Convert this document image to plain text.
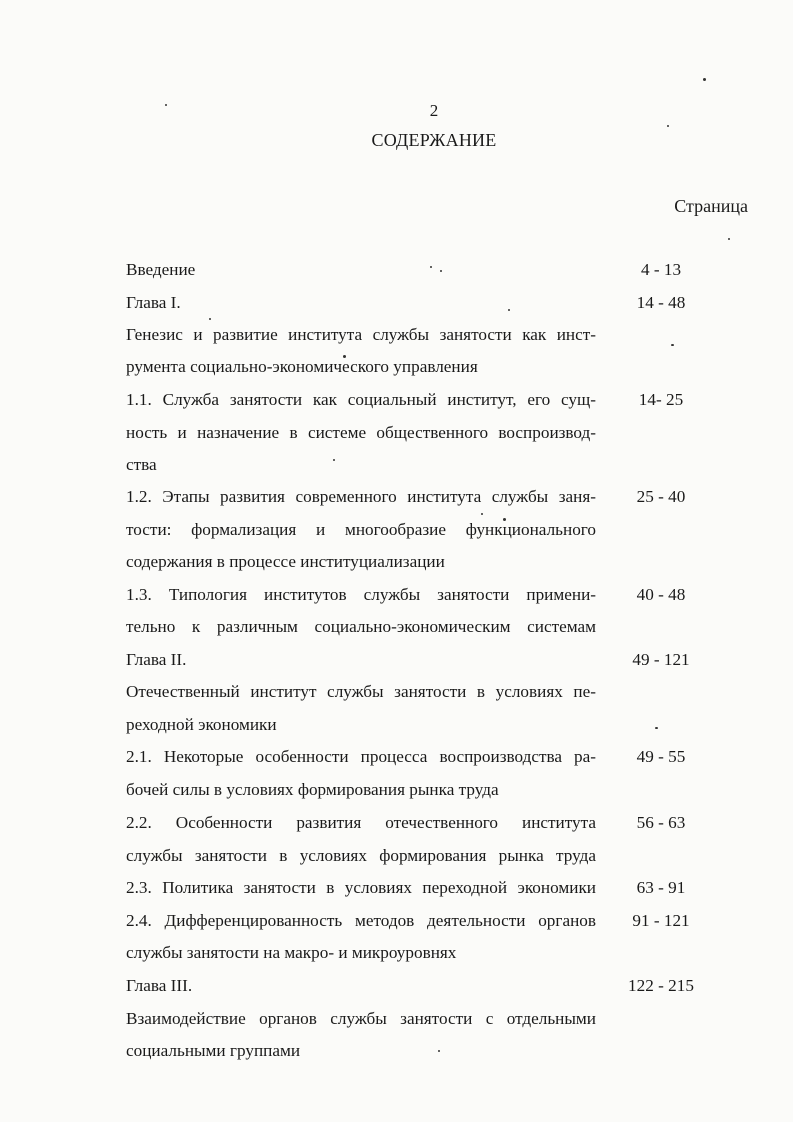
2
СОДЕРЖАНИЕ
Страница
Введение	4 - 13
Глава I.	14 - 48
Генезис и развитие института службы занятости как инст-
румента социально-экономического управления
1.1. Служба занятости как социальный институт, его сущ-	14- 25
ность и назначение в системе общественного воспроизвод-
ства
1.2. Этапы развития современного института службы заня-	25 - 40
тости: формализация и многообразие функционального
содержания в процессе институциализации
1.3. Типология институтов службы занятости примени-	40 - 48
тельно к различным социально-экономическим системам
Глава II.	49 - 121
Отечественный институт службы занятости в условиях пе-
реходной экономики
2.1. Некоторые особенности процесса воспроизводства ра-	49 - 55
бочей силы в условиях формирования рынка труда
2.2. Особенности развития отечественного института	56 - 63
службы занятости в условиях формирования рынка труда
2.3. Политика занятости в условиях переходной экономики	63 - 91
2.4. Дифференцированность методов деятельности органов	91 - 121
службы занятости на макро- и микроуровнях
Глава III.	122 - 215
Взаимодействие органов службы занятости с отдельными
социальными группами
